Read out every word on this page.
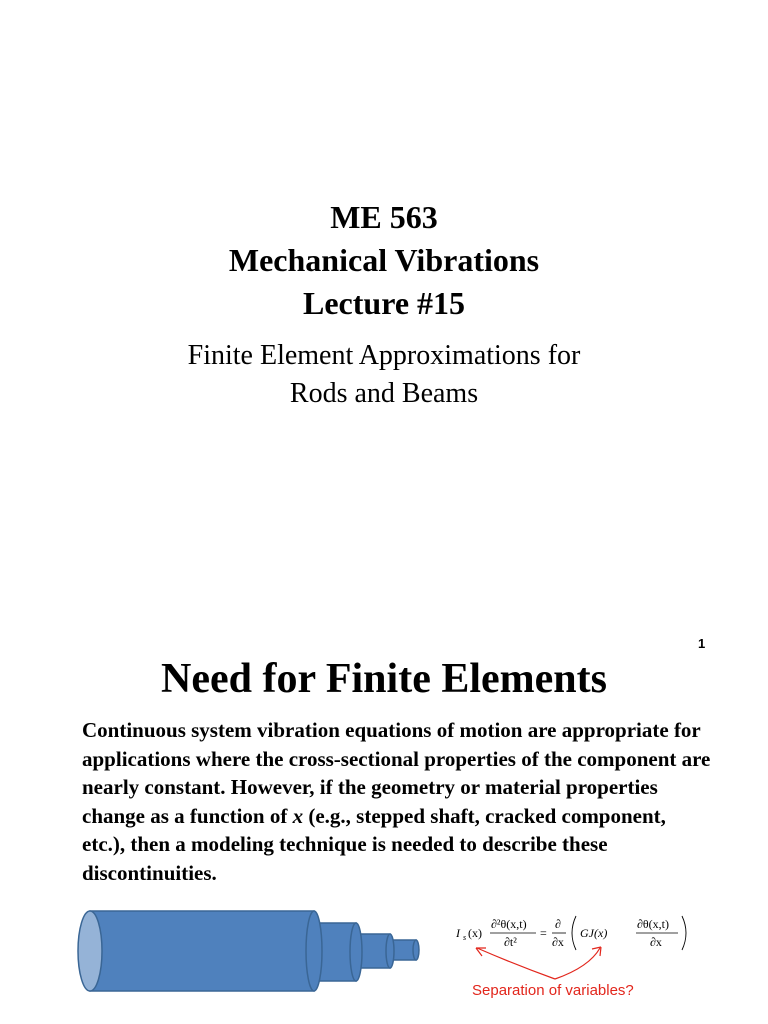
ME 563
Mechanical Vibrations
Lecture #15
Finite Element Approximations for
Rods and Beams
1
Need for Finite Elements
Continuous system vibration equations of motion are appropriate for applications where the cross-sectional properties of the component are nearly constant. However, if the geometry or material properties change as a function of x (e.g., stepped shaft, cracked component, etc.), then a modeling technique is needed to describe these discontinuities.
I s (x)
∂²θ(x,t)
∂t²
=
∂
∂x
GJ(x)
∂θ(x,t)
∂x
Separation of variables?
